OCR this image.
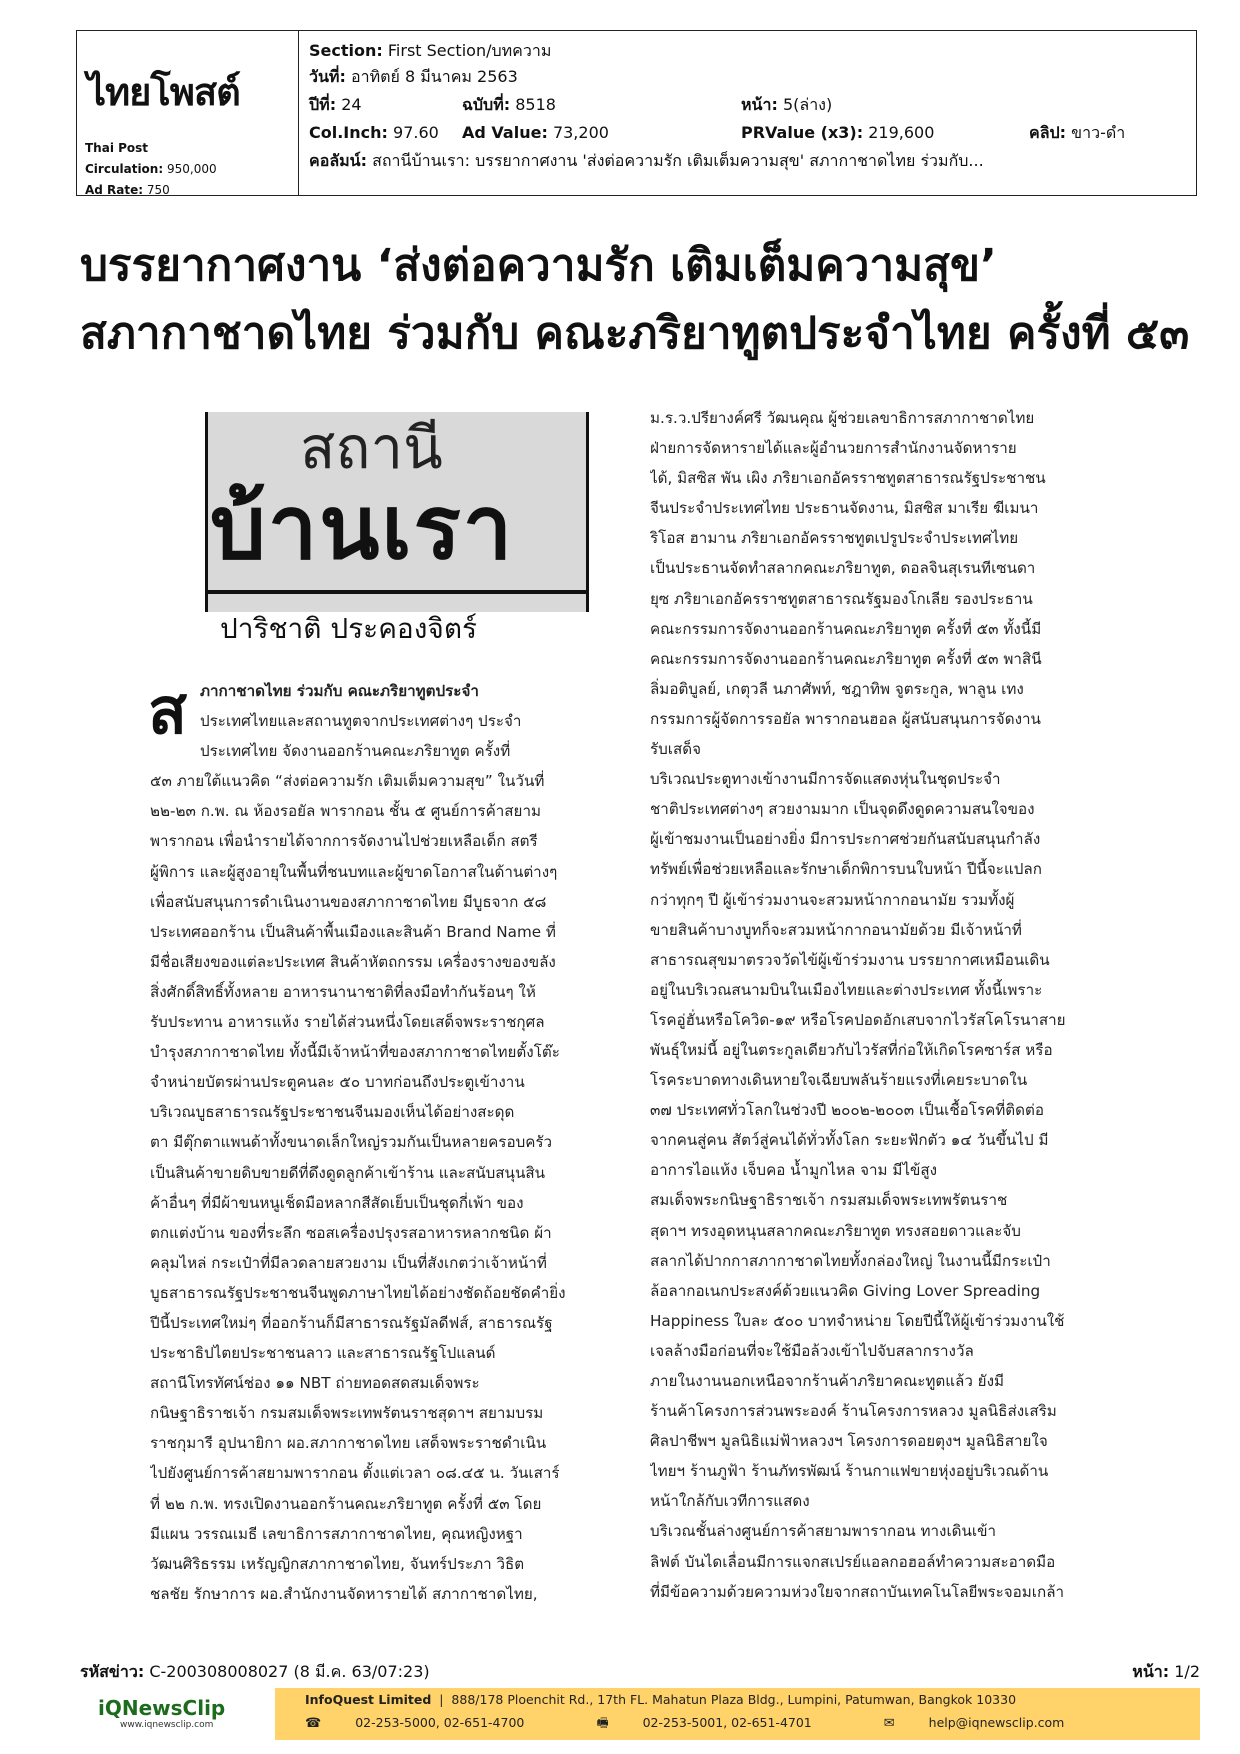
ไทยโพสต์
Thai Post
Circulation: 950,000
Ad Rate: 750
Section: First Section/บทความ
วันที่: อาทิตย์ 8 มีนาคม 2563
ปีที่: 24	ฉบับที่: 8518	หน้า: 5(ล่าง)
Col.Inch: 97.60 Ad Value: 73,200	PRValue (x3): 219,600	คลิป: ขาว-ดำ
คอลัมน์: สถานีบ้านเรา: บรรยากาศงาน 'ส่งต่อความรัก เติมเต็มความสุข' สภากาชาดไทย ร่วมกับ...
บรรยากาศงาน ‘ส่งต่อความรัก เติมเต็มความสุข’
สภากาชาดไทย ร่วมกับ คณะภริยาทูตประจำไทย ครั้งที่ ๕๓
สถานี
บ้านเรา
ปาริชาติ ประคองจิตร์
ส ภากาชาดไทย ร่วมกับ คณะภริยาทูตประจำ

ประเทศไทยและสถานทูตจากประเทศต่างๆ ประจำ

ประเทศไทย จัดงานออกร้านคณะภริยาทูต ครั้งที่

๕๓ ภายใต้แนวคิด “ส่งต่อความรัก เติมเต็มความสุข” ในวันที่

๒๒-๒๓ ก.พ. ณ ห้องรอยัล พารากอน ชั้น ๕ ศูนย์การค้าสยาม

พารากอน เพื่อนำรายได้จากการจัดงานไปช่วยเหลือเด็ก สตรี

ผู้พิการ และผู้สูงอายุในพื้นที่ชนบทและผู้ขาดโอกาสในด้านต่างๆ

เพื่อสนับสนุนการดำเนินงานของสภากาชาดไทย มีบูธจาก ๕๘

ประเทศออกร้าน เป็นสินค้าพื้นเมืองและสินค้า Brand Name ที่

มีชื่อเสียงของแต่ละประเทศ สินค้าหัตถกรรม เครื่องรางของขลัง

สิ่งศักดิ์สิทธิ์ทั้งหลาย อาหารนานาชาติที่ลงมือทำกันร้อนๆ ให้

รับประทาน อาหารแห้ง รายได้ส่วนหนึ่งโดยเสด็จพระราชกุศล

บำรุงสภากาชาดไทย ทั้งนี้มีเจ้าหน้าที่ของสภากาชาดไทยตั้งโต๊ะ

จำหน่ายบัตรผ่านประตูคนละ ๕๐ บาทก่อนถึงประตูเข้างาน

บริเวณบูธสาธารณรัฐประชาชนจีนมองเห็นได้อย่างสะดุด

ตา มีตุ๊กตาแพนด้าทั้งขนาดเล็กใหญ่รวมกันเป็นหลายครอบครัว

เป็นสินค้าขายดิบขายดีที่ดึงดูดลูกค้าเข้าร้าน และสนับสนุนสิน

ค้าอื่นๆ ที่มีผ้าขนหนูเช็ดมือหลากสีสัดเย็บเป็นชุดกี่เพ้า ของ

ตกแต่งบ้าน ของที่ระลึก ซอสเครื่องปรุงรสอาหารหลากชนิด ผ้า

คลุมไหล่ กระเป๋าที่มีลวดลายสวยงาม เป็นที่สังเกตว่าเจ้าหน้าที่

บูธสาธารณรัฐประชาชนจีนพูดภาษาไทยได้อย่างชัดถ้อยชัดคำยิ่ง

ปีนี้ประเทศใหม่ๆ ที่ออกร้านก็มีสาธารณรัฐมัลดีฟส์, สาธารณรัฐ

ประชาธิปไตยประชาชนลาว และสาธารณรัฐโปแลนด์

สถานีโทรทัศน์ช่อง ๑๑ NBT ถ่ายทอดสดสมเด็จพระ

กนิษฐาธิราชเจ้า กรมสมเด็จพระเทพรัตนราชสุดาฯ สยามบรม

ราชกุมารี อุปนายิกา ผอ.สภากาชาดไทย เสด็จพระราชดำเนิน

ไปยังศูนย์การค้าสยามพารากอน ตั้งแต่เวลา ๐๘.๔๕ น. วันเสาร์

ที่ ๒๒ ก.พ. ทรงเปิดงานออกร้านคณะภริยาทูต ครั้งที่ ๕๓ โดย

มีแผน วรรณเมธี เลขาธิการสภากาชาดไทย, คุณหญิงหฐา

วัฒนศิริธรรม เหรัญญิกสภากาชาดไทย, จันทร์ประภา วิธิต

ชลชัย รักษาการ ผอ.สำนักงานจัดหารายได้ สภากาชาดไทย,

ม.ร.ว.ปรียางค์ศรี วัฒนคุณ ผู้ช่วยเลขาธิการสภากาชาดไทย

ฝ่ายการจัดหารายได้และผู้อำนวยการสำนักงานจัดหาราย

ได้, มิสซิส พัน เผิง ภริยาเอกอัครราชทูตสาธารณรัฐประชาชน

จีนประจำประเทศไทย ประธานจัดงาน, มิสซิส มาเรีย ฆีเมนา

ริโอส ฮามาน ภริยาเอกอัครราชทูตเปรูประจำประเทศไทย

เป็นประธานจัดทำสลากคณะภริยาทูต, ดอลจินสุเรนทีเซนดา

ยุซ ภริยาเอกอัครราชทูตสาธารณรัฐมองโกเลีย รองประธาน

คณะกรรมการจัดงานออกร้านคณะภริยาทูต ครั้งที่ ๕๓ ทั้งนี้มี

คณะกรรมการจัดงานออกร้านคณะภริยาทูต ครั้งที่ ๕๓ พาสินี

ลิ่มอติบูลย์, เกตุวลี นภาศัพท์, ชฎาทิพ จูตระกูล, พาลูน เทง

กรรมการผู้จัดการรอยัล พารากอนฮอล ผู้สนับสนุนการจัดงาน

รับเสด็จ

บริเวณประตูทางเข้างานมีการจัดแสดงหุ่นในชุดประจำ

ชาติประเทศต่างๆ สวยงามมาก เป็นจุดดึงดูดความสนใจของ

ผู้เข้าชมงานเป็นอย่างยิ่ง มีการประกาศช่วยกันสนับสนุนกำลัง

ทรัพย์เพื่อช่วยเหลือและรักษาเด็กพิการบนใบหน้า ปีนี้จะแปลก

กว่าทุกๆ ปี ผู้เข้าร่วมงานจะสวมหน้ากากอนามัย รวมทั้งผู้

ขายสินค้าบางบูทก็จะสวมหน้ากากอนามัยด้วย มีเจ้าหน้าที่

สาธารณสุขมาตรวจวัดไข้ผู้เข้าร่วมงาน บรรยากาศเหมือนเดิน

อยู่ในบริเวณสนามบินในเมืองไทยและต่างประเทศ ทั้งนี้เพราะ

โรคอู่ฮั่นหรือโควิด-๑๙ หรือโรคปอดอักเสบจากไวรัสโคโรนาสาย

พันธุ์ใหม่นี้ อยู่ในตระกูลเดียวกับไวรัสที่ก่อให้เกิดโรคซาร์ส หรือ

โรคระบาดทางเดินหายใจเฉียบพลันร้ายแรงที่เคยระบาดใน

๓๗ ประเทศทั่วโลกในช่วงปี ๒๐๐๒-๒๐๐๓ เป็นเชื้อโรคที่ติดต่อ

จากคนสู่คน สัตว์สู่คนได้ทั่วทั้งโลก ระยะฟักตัว ๑๔ วันขึ้นไป มี

อาการไอแห้ง เจ็บคอ น้ำมูกไหล จาม มีไข้สูง

สมเด็จพระกนิษฐาธิราชเจ้า กรมสมเด็จพระเทพรัตนราช

สุดาฯ ทรงอุดหนุนสลากคณะภริยาทูต ทรงสอยดาวและจับ

สลากได้ปากกาสภากาชาดไทยทั้งกล่องใหญ่ ในงานนี้มีกระเป๋า

ล้อลากอเนกประสงค์ด้วยแนวคิด Giving Lover Spreading

Happiness ใบละ ๕๐๐ บาทจำหน่าย โดยปีนี้ให้ผู้เข้าร่วมงานใช้

เจลล้างมือก่อนที่จะใช้มือล้วงเข้าไปจับสลากรางวัล

ภายในงานนอกเหนือจากร้านค้าภริยาคณะทูตแล้ว ยังมี

ร้านค้าโครงการส่วนพระองค์ ร้านโครงการหลวง มูลนิธิส่งเสริม

ศิลปาชีพฯ มูลนิธิแม่ฟ้าหลวงฯ โครงการดอยตุงฯ มูลนิธิสายใจ

ไทยฯ ร้านภูฟ้า ร้านภัทรพัฒน์ ร้านกาแฟขายหุ่งอยู่บริเวณด้าน

หน้าใกล้กับเวทีการแสดง

บริเวณชั้นล่างศูนย์การค้าสยามพารากอน ทางเดินเข้า

ลิฟต์ บันไดเลื่อนมีการแจกสเปรย์แอลกอฮอล์ทำความสะอาดมือ

ที่มีข้อความด้วยความห่วงใยจากสถาบันเทคโนโลยีพระจอมเกล้า

รหัสข่าว: C-200308008027 (8 มี.ค. 63/07:23)	หน้า: 1/2
iQNewsClip
www.iqnewsclip.com
InfoQuest Limited  |  888/178 Ploenchit Rd., 17th FL. Mahatun Plaza Bldg., Lumpini, Patumwan, Bangkok 10330
☎	02-253-5000, 02-651-4700	🖷	02-253-5001, 02-651-4701	✉	help@iqnewsclip.com
